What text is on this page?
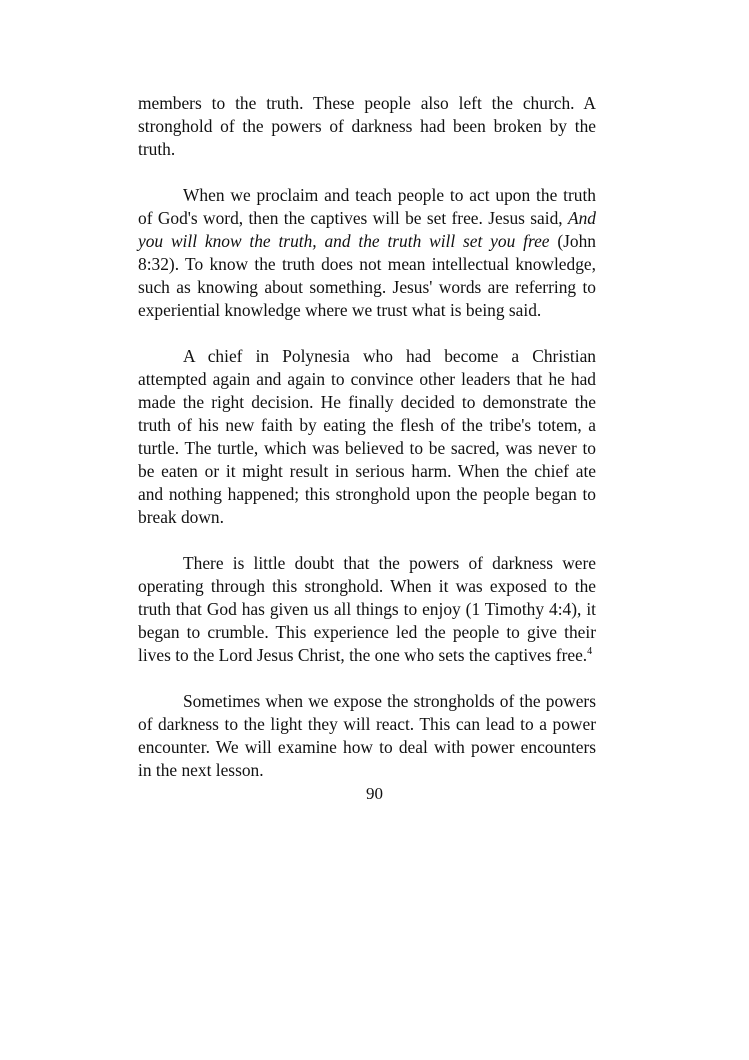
members to the truth. These people also left the church. A stronghold of the powers of darkness had been broken by the truth.

When we proclaim and teach people to act upon the truth of God's word, then the captives will be set free. Jesus said, And you will know the truth, and the truth will set you free (John 8:32). To know the truth does not mean intellectual knowledge, such as knowing about something. Jesus' words are referring to experiential knowledge where we trust what is being said.

A chief in Polynesia who had become a Christian attempted again and again to convince other leaders that he had made the right decision. He finally decided to demonstrate the truth of his new faith by eating the flesh of the tribe's totem, a turtle. The turtle, which was believed to be sacred, was never to be eaten or it might result in serious harm. When the chief ate and nothing happened; this stronghold upon the people began to break down.

There is little doubt that the powers of darkness were operating through this stronghold. When it was exposed to the truth that God has given us all things to enjoy (1 Timothy 4:4), it began to crumble. This experience led the people to give their lives to the Lord Jesus Christ, the one who sets the captives free.$^4$

Sometimes when we expose the strongholds of the powers of darkness to the light they will react. This can lead to a power encounter. We will examine how to deal with power encounters in the next lesson.

90
